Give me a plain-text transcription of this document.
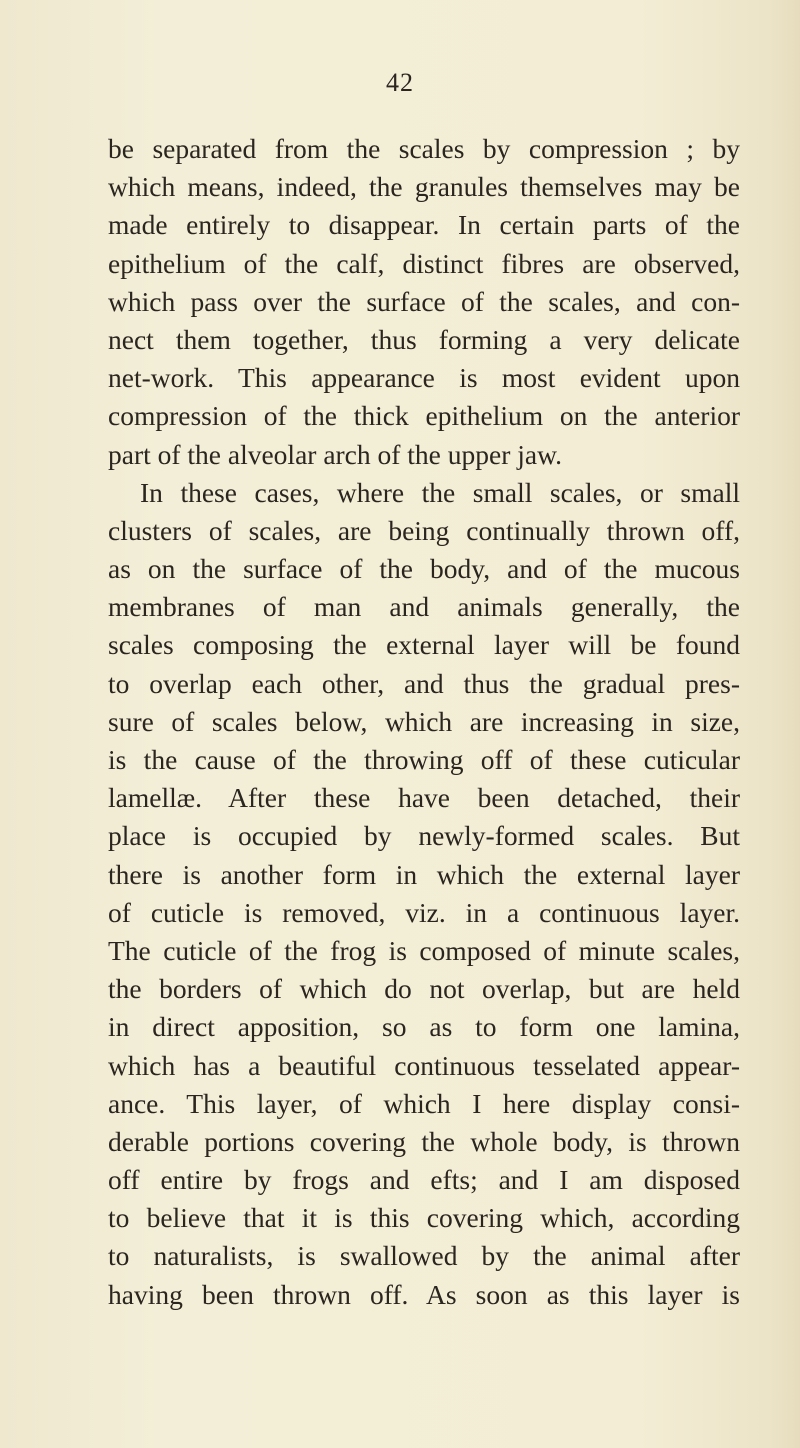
42
be separated from the scales by compression ; by
which means, indeed, the granules themselves may be
made entirely to disappear. In certain parts of the
epithelium of the calf, distinct fibres are observed,
which pass over the surface of the scales, and con-
nect them together, thus forming a very delicate
net-work. This appearance is most evident upon
compression of the thick epithelium on the anterior
part of the alveolar arch of the upper jaw.
In these cases, where the small scales, or small
clusters of scales, are being continually thrown off,
as on the surface of the body, and of the mucous
membranes of man and animals generally, the
scales composing the external layer will be found
to overlap each other, and thus the gradual pres-
sure of scales below, which are increasing in size,
is the cause of the throwing off of these cuticular
lamellæ. After these have been detached, their
place is occupied by newly-formed scales. But
there is another form in which the external layer
of cuticle is removed, viz. in a continuous layer.
The cuticle of the frog is composed of minute scales,
the borders of which do not overlap, but are held
in direct apposition, so as to form one lamina,
which has a beautiful continuous tesselated appear-
ance. This layer, of which I here display consi-
derable portions covering the whole body, is thrown
off entire by frogs and efts; and I am disposed
to believe that it is this covering which, according
to naturalists, is swallowed by the animal after
having been thrown off. As soon as this layer is
